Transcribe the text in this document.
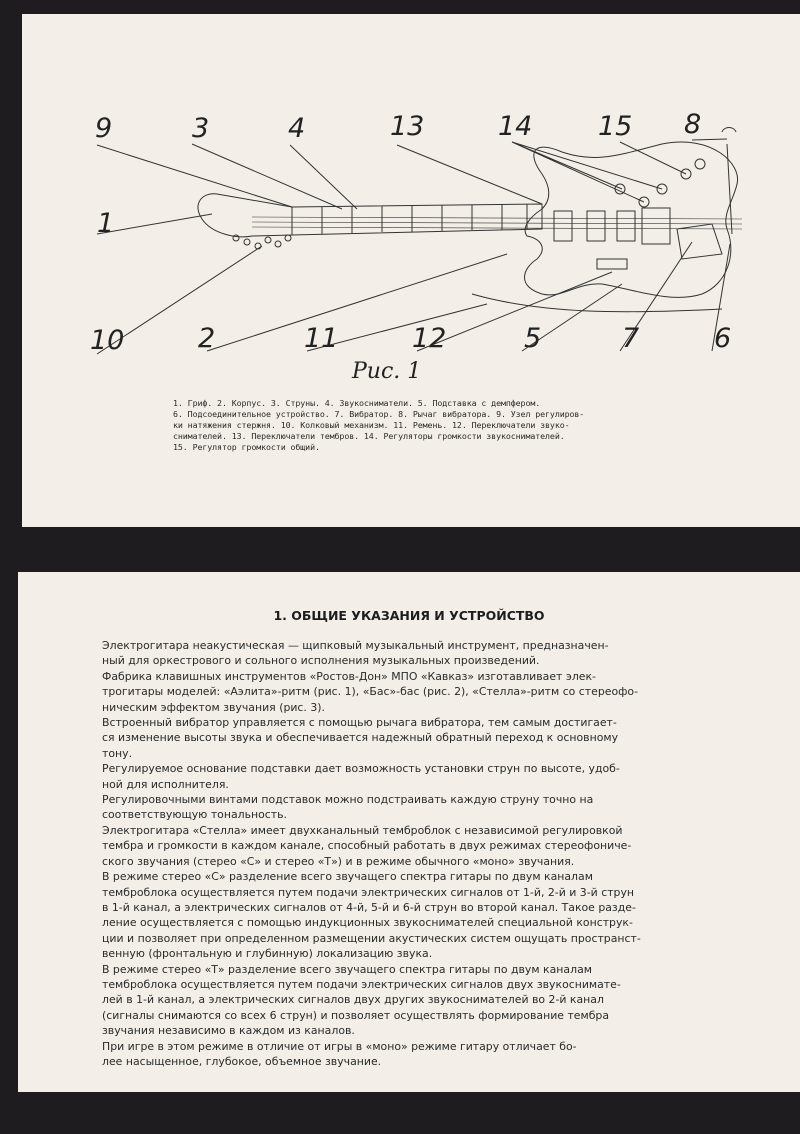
9	3	4	13	14 15 8
1
10	2	11	12	5	7	6
Рис. 1

1. Гриф. 2. Корпус. 3. Струны. 4. Звукосниматели. 5. Подставка с демпфером.

6. Подсоединительное устройство. 7. Вибратор. 8. Рычаг вибратора. 9. Узел регулиров-

ки натяжения стержня. 10. Колковый механизм. 11. Ремень. 12. Переключатели звуко-

снимателей. 13. Переключатели тембров. 14. Регуляторы громкости звукоснимателей.

15. Регулятор громкости общий.

1. ОБЩИЕ УКАЗАНИЯ И УСТРОЙСТВО

Электрогитара неакустическая — щипковый музыкальный инструмент, предназначен-

ный для оркестрового и сольного исполнения музыкальных произведений.

Фабрика клавишных инструментов «Ростов-Дон» МПО «Кавказ» изготавливает элек-

трогитары моделей: «Аэлита»-ритм (рис. 1), «Бас»-бас (рис. 2), «Стелла»-ритм со стереофо-

ническим эффектом звучания (рис. 3).

Встроенный вибратор управляется с помощью рычага вибратора, тем самым достигает-

ся изменение высоты звука и обеспечивается надежный обратный переход к основному

тону.

Регулируемое основание подставки дает возможность установки струн по высоте, удоб-

ной для исполнителя.

Регулировочными винтами подставок можно подстраивать каждую струну точно на

соответствующую тональность.

Электрогитара «Стелла» имеет двухканальный темброблок с независимой регулировкой

тембра и громкости в каждом канале, способный работать в двух режимах стереофониче-

ского звучания (стерео «С» и стерео «Т») и в режиме обычного «моно» звучания.

В режиме стерео «С» разделение всего звучащего спектра гитары по двум каналам

темброблока осуществляется путем подачи электрических сигналов от 1-й, 2-й и 3-й струн

в 1-й канал, а электрических сигналов от 4-й, 5-й и 6-й струн во второй канал. Такое разде-

ление осуществляется с помощью индукционных звукоснимателей специальной конструк-

ции и позволяет при определенном размещении акустических систем ощущать пространст-

венную (фронтальную и глубинную) локализацию звука.

В режиме стерео «Т» разделение всего звучащего спектра гитары по двум каналам

темброблока осуществляется путем подачи электрических сигналов двух звукоснимате-

лей в 1-й канал, а электрических сигналов двух других звукоснимателей во 2-й канал

(сигналы снимаются со всех 6 струн) и позволяет осуществлять формирование тембра

звучания независимо в каждом из каналов.

При игре в этом режиме в отличие от игры в «моно» режиме гитару отличает бо-

лее насыщенное, глубокое, объемное звучание.
